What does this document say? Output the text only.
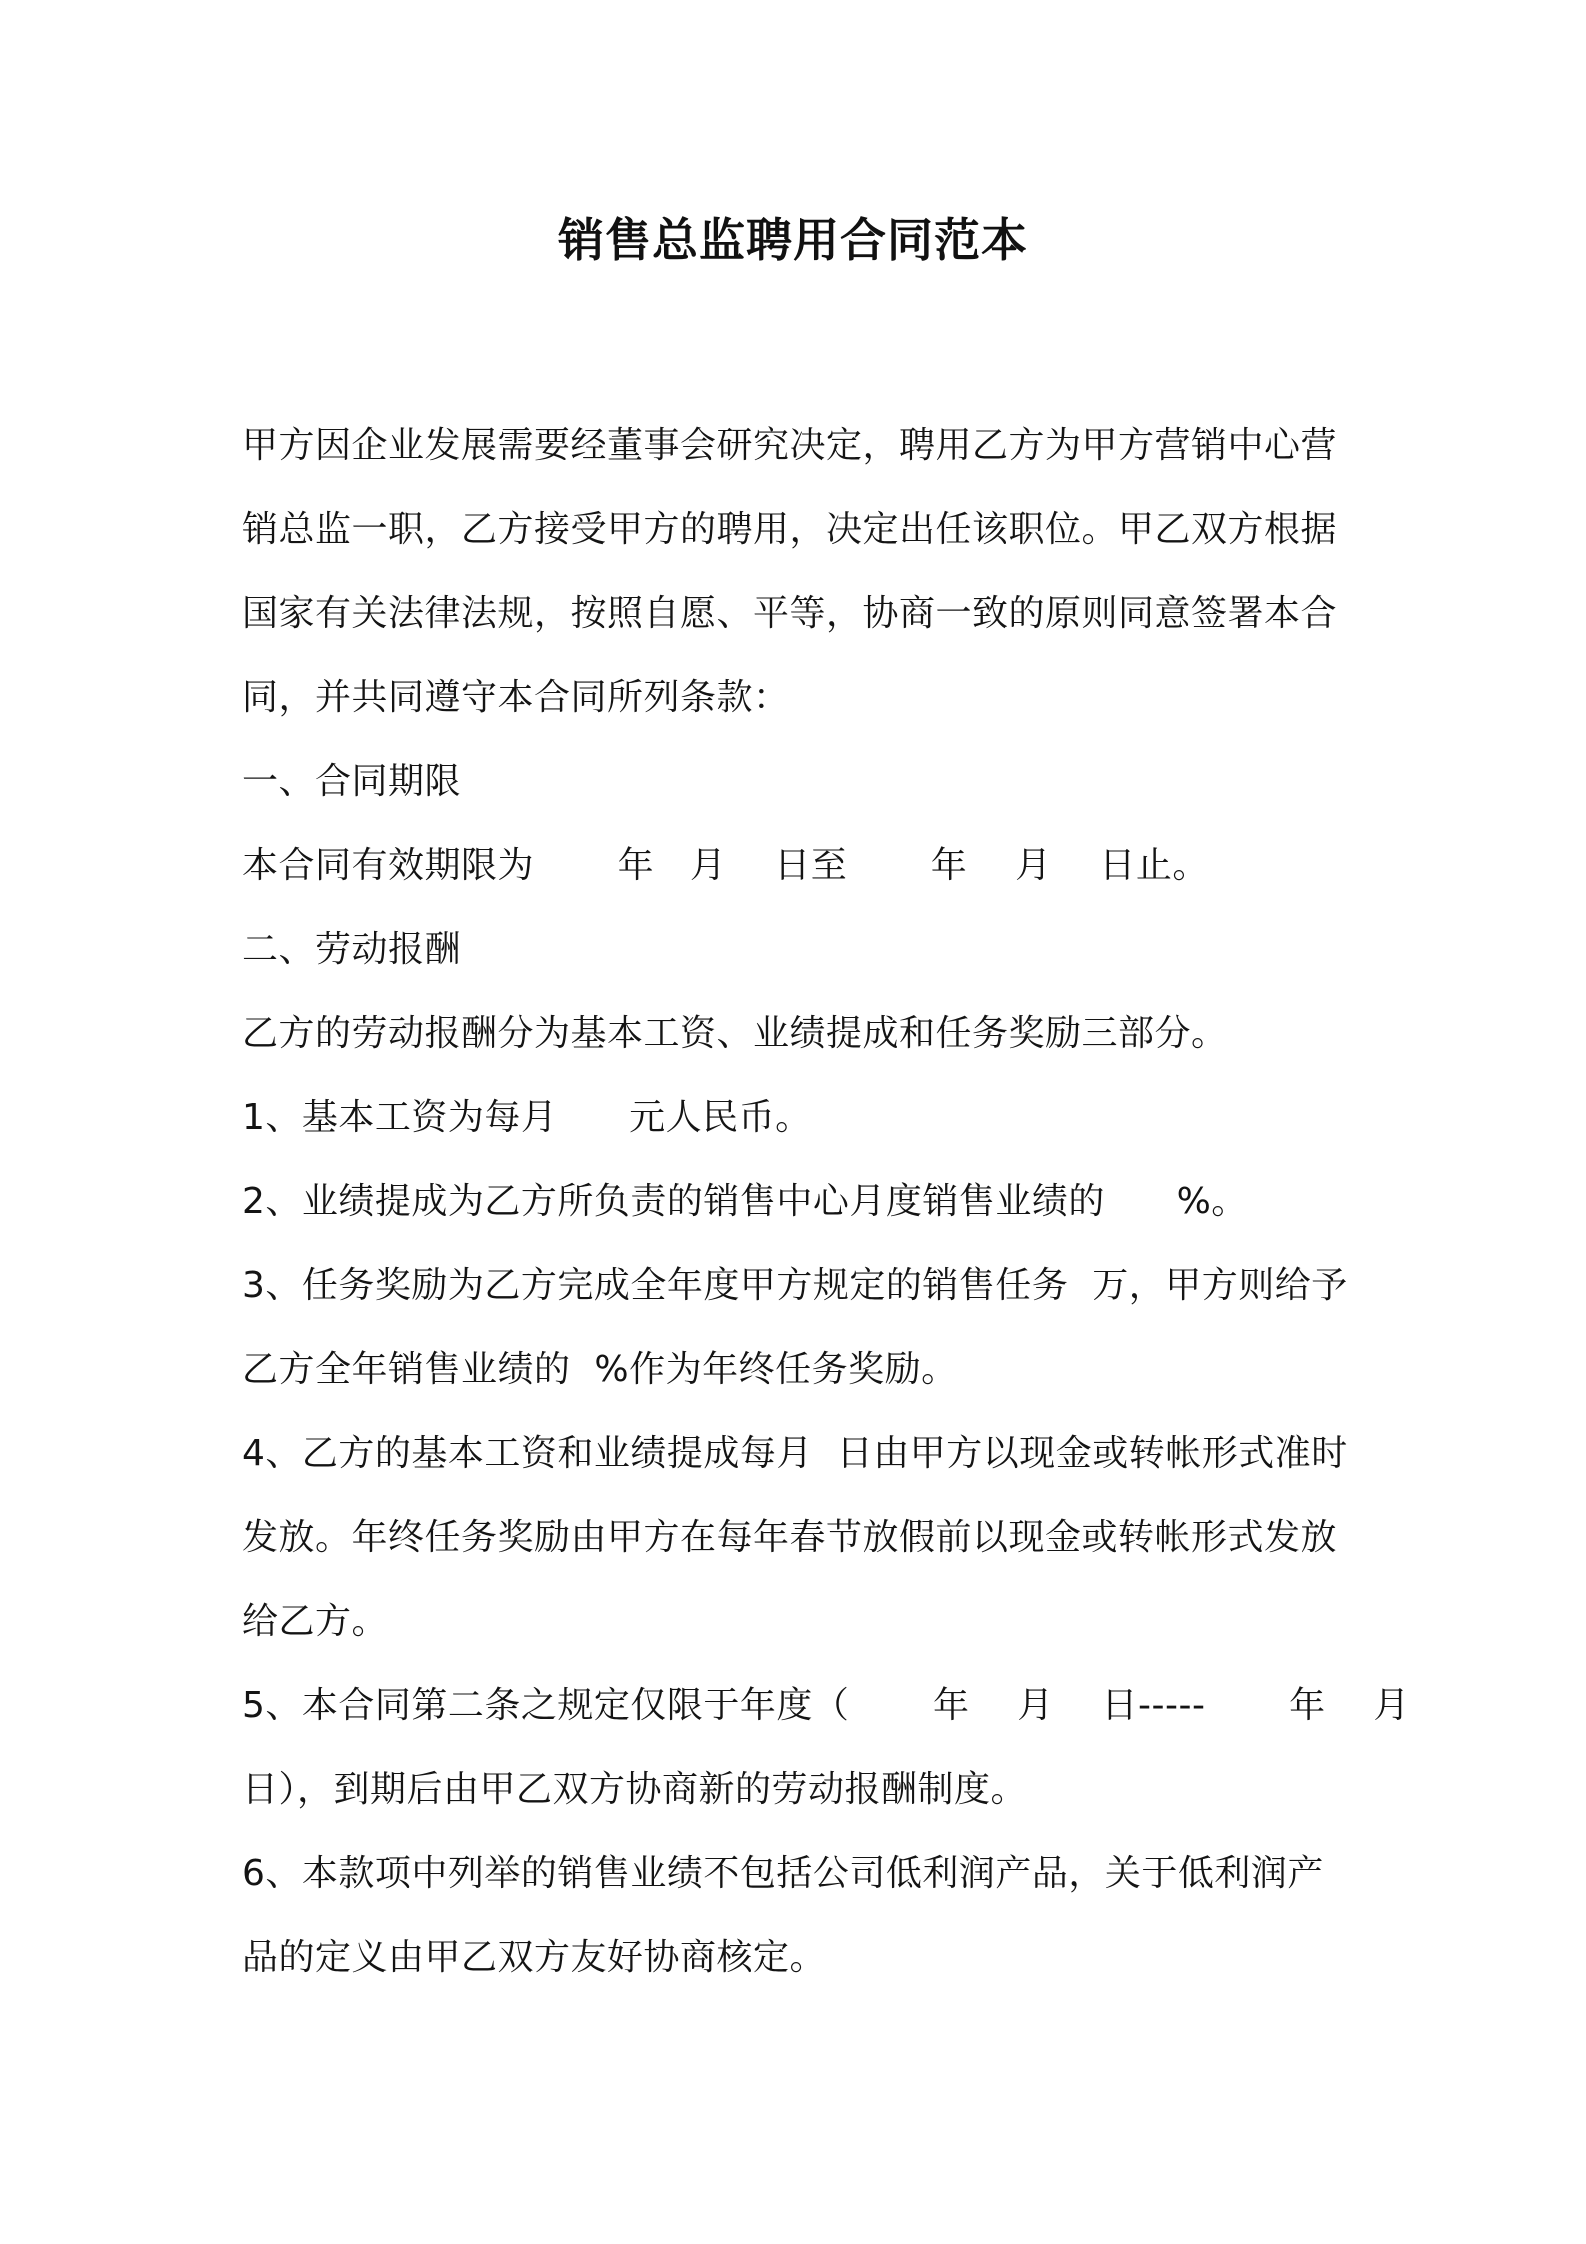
销售总监聘用合同范本
甲方因企业发展需要经董事会研究决定，聘用乙方为甲方营销中心营
销总监一职，乙方接受甲方的聘用，决定出任该职位。甲乙双方根据
国家有关法律法规，按照自愿、平等，协商一致的原则同意签署本合
同，并共同遵守本合同所列条款：
一、合同期限
本合同有效期限为       年   月    日至       年    月    日止。
二、劳动报酬
乙方的劳动报酬分为基本工资、业绩提成和任务奖励三部分。
1、基本工资为每月      元人民币。
2、业绩提成为乙方所负责的销售中心月度销售业绩的      %。
3、任务奖励为乙方完成全年度甲方规定的销售任务  万，甲方则给予
乙方全年销售业绩的  %作为年终任务奖励。
4、乙方的基本工资和业绩提成每月  日由甲方以现金或转帐形式准时
发放。年终任务奖励由甲方在每年春节放假前以现金或转帐形式发放
给乙方。
5、本合同第二条之规定仅限于年度（       年    月    日-----       年    月
日），到期后由甲乙双方协商新的劳动报酬制度。
6、本款项中列举的销售业绩不包括公司低利润产品，关于低利润产
品的定义由甲乙双方友好协商核定。
